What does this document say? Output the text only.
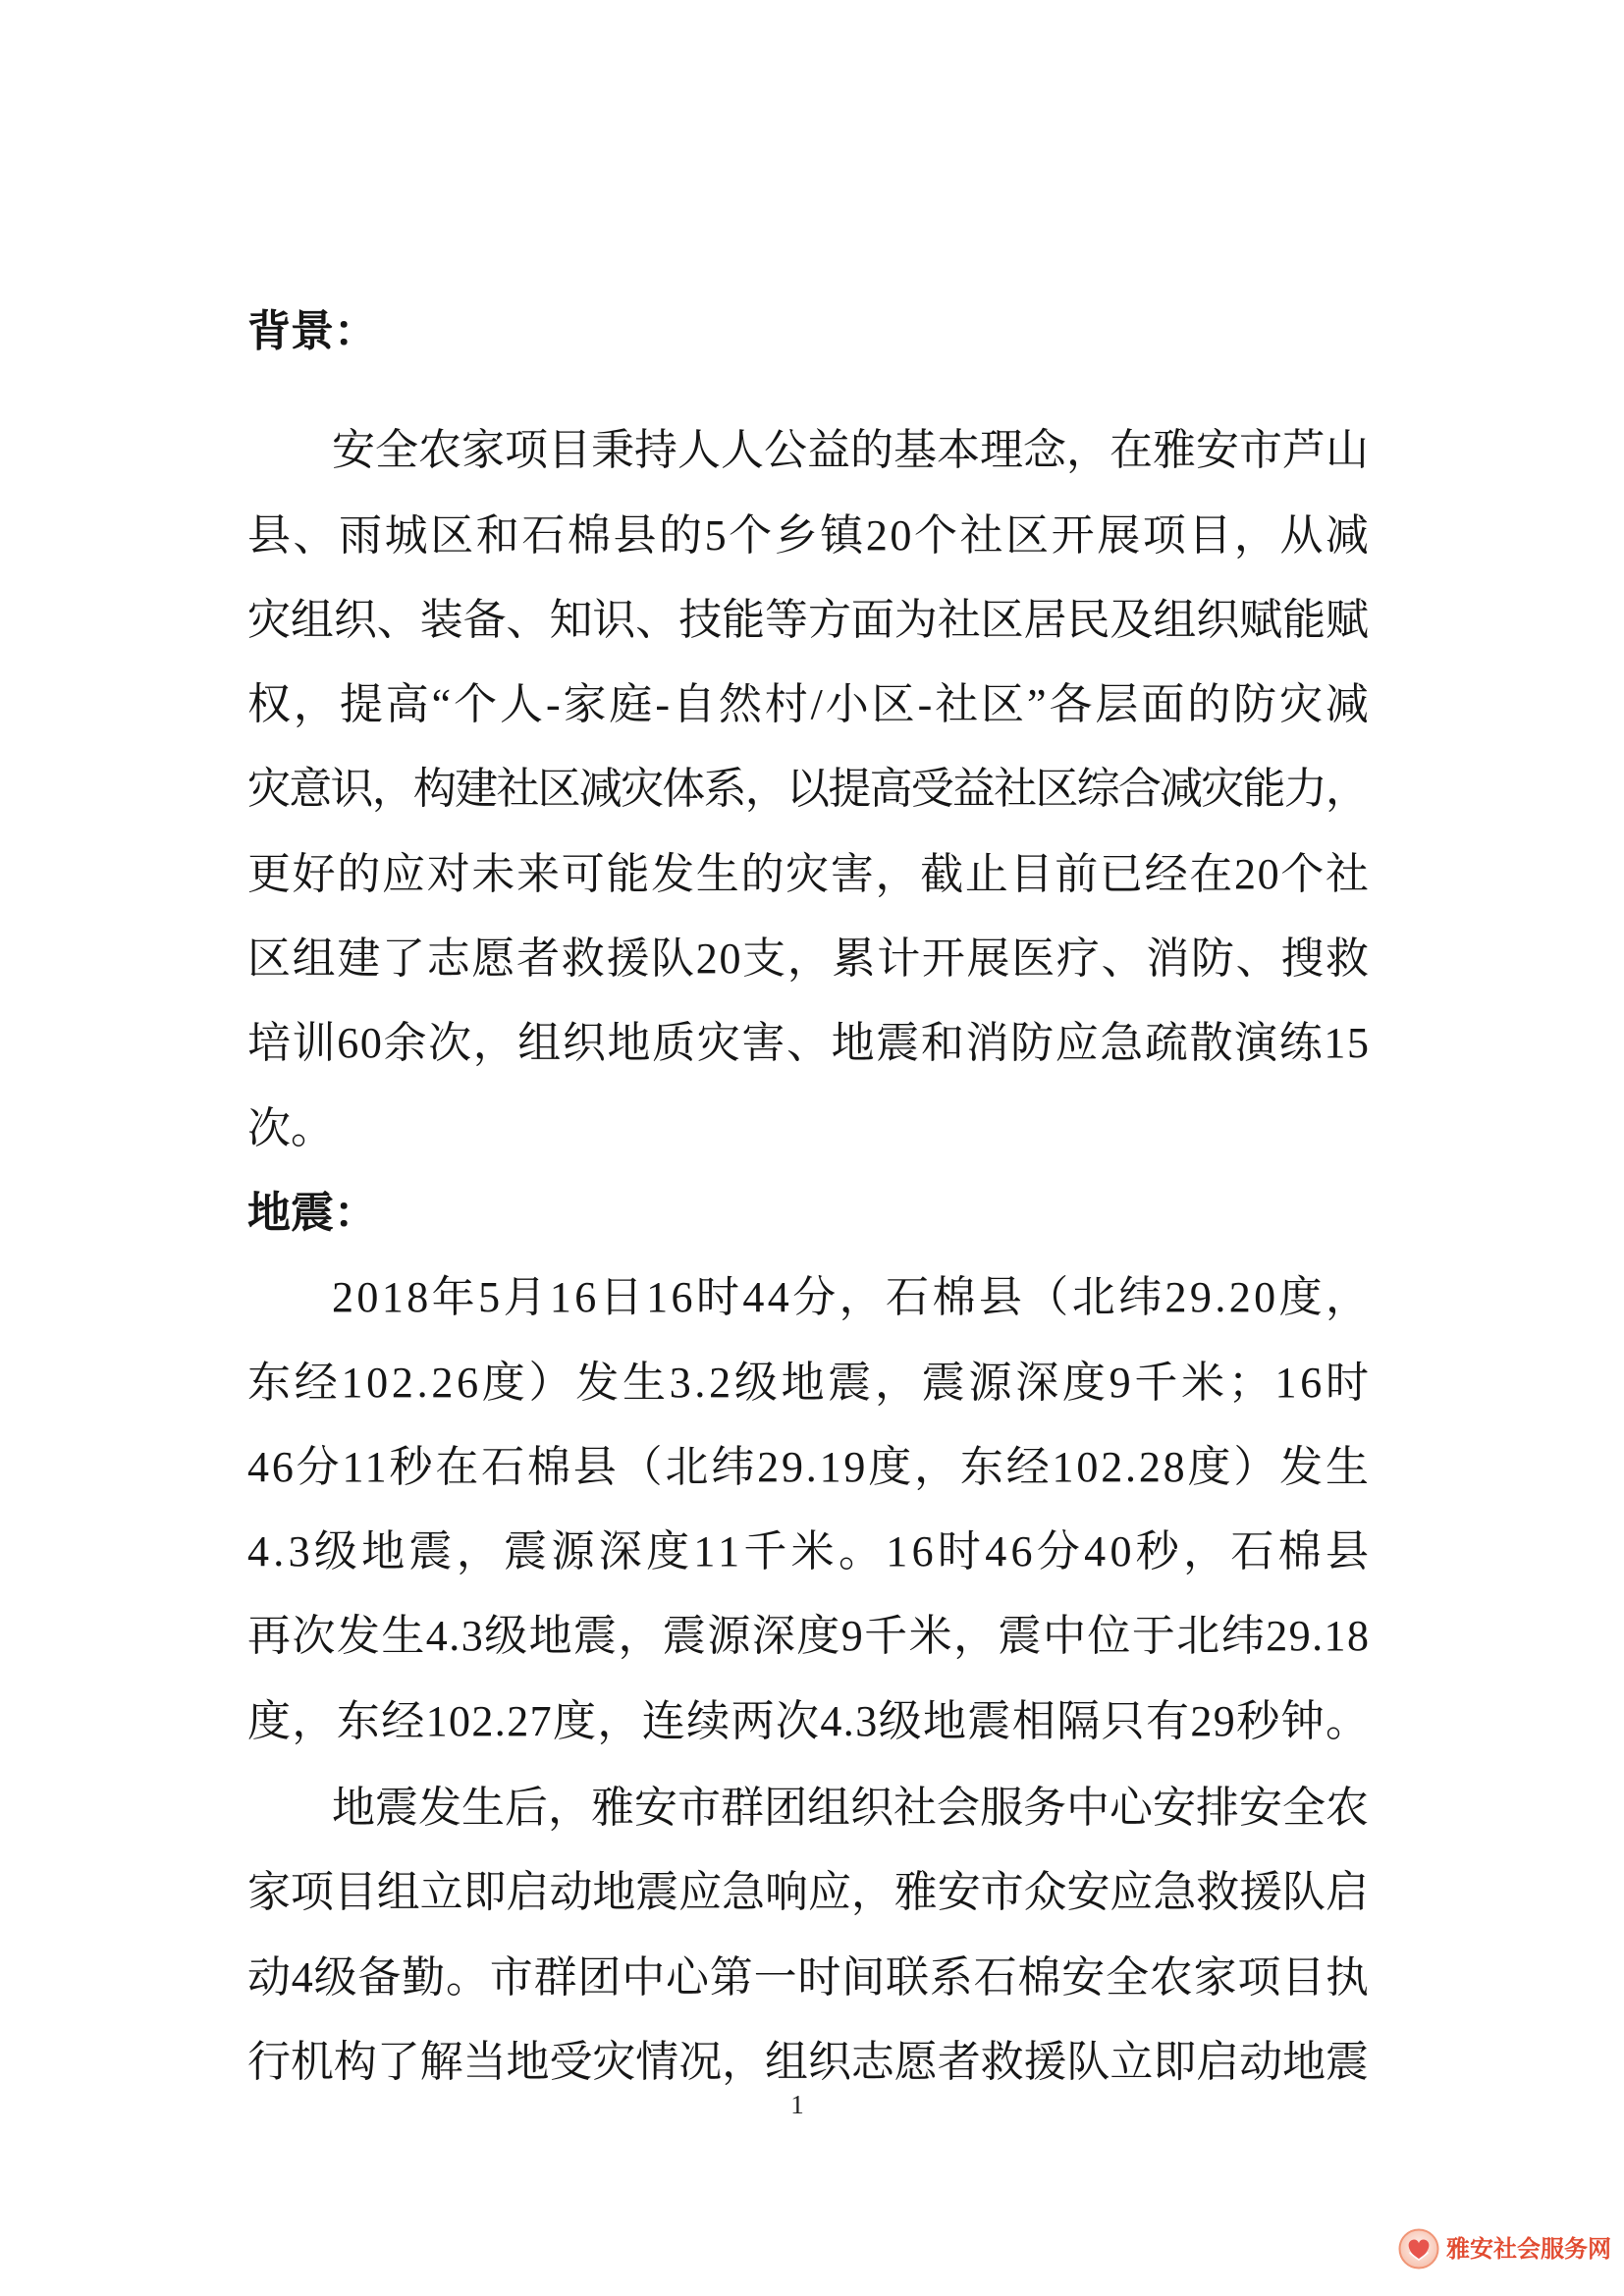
背景：
安全农家项目秉持人人公益的基本理念，在雅安市芦山
县、雨城区和石棉县的5个乡镇20个社区开展项目，从减
灾组织、装备、知识、技能等方面为社区居民及组织赋能赋
权，提高“个人-家庭-自然村/小区-社区”各层面的防灾减
灾意识，构建社区减灾体系，以提高受益社区综合减灾能力，
更好的应对未来可能发生的灾害，截止目前已经在20个社
区组建了志愿者救援队20支，累计开展医疗、消防、搜救
培训60余次，组织地质灾害、地震和消防应急疏散演练15
次。
地震：
2018年5月16日16时44分，石棉县（北纬29.20度，
东经102.26度）发生3.2级地震，震源深度9千米；16时
46分11秒在石棉县（北纬29.19度，东经102.28度）发生
4.3级地震，震源深度11千米。16时46分40秒，石棉县
再次发生4.3级地震，震源深度9千米，震中位于北纬29.18
度，东经102.27度，连续两次4.3级地震相隔只有29秒钟。
地震发生后，雅安市群团组织社会服务中心安排安全农
家项目组立即启动地震应急响应，雅安市众安应急救援队启
动4级备勤。市群团中心第一时间联系石棉安全农家项目执
行机构了解当地受灾情况，组织志愿者救援队立即启动地震
1
雅安社会服务网
